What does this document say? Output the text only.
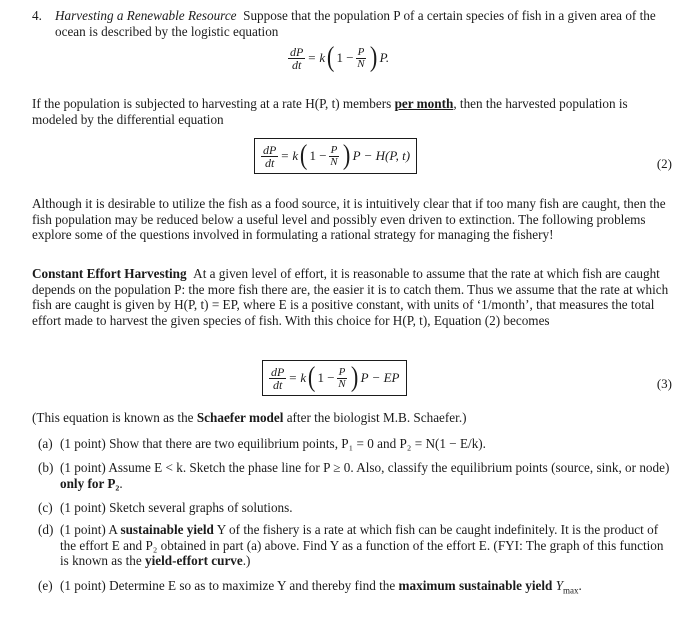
4. Harvesting a Renewable Resource Suppose that the population P of a certain species of fish in a given area of the ocean is described by the logistic equation

$\frac{dP}{dt} = k$ ( $1 - \frac{P}{N}$ ) P.

If the population is subjected to harvesting at a rate H(P, t) members per month, then the harvested population is modeled by the differential equation

$\frac{dP}{dt} = k$ ( $1 - \frac{P}{N}$ ) P − H(P, t)
(2)

Although it is desirable to utilize the fish as a food source, it is intuitively clear that if too many fish are caught, then the fish population may be reduced below a useful level and possibly even driven to extinction. The following problems explore some of the questions involved in formulating a rational strategy for managing the fishery!

Constant Effort Harvesting At a given level of effort, it is reasonable to assume that the rate at which fish are caught depends on the population P: the more fish there are, the easier it is to catch them. Thus we assume that the rate at which fish are caught is given by H(P, t) = EP, where E is a positive constant, with units of ‘1/month’, that measures the total effort made to harvest the given species of fish. With this choice for H(P, t), Equation (2) becomes

$\frac{dP}{dt} = k$ ( $1 - \frac{P}{N}$ ) P − EP	(3)

(This equation is known as the Schaefer model after the biologist M.B. Schaefer.)

(a) (1 point) Show that there are two equilibrium points, P₁ = 0 and P₂ = N(1 − E/k).

(b) (1 point) Assume E < k. Sketch the phase line for P ≥ 0. Also, classify the equilibrium points (source, sink, or node) only for P₂.

(c) (1 point) Sketch several graphs of solutions.

(d) (1 point) A sustainable yield Y of the fishery is a rate at which fish can be caught indefinitely. It is the product of the effort E and P₂ obtained in part (a) above. Find Y as a function of the effort E. (FYI: The graph of this function is known as the yield-effort curve.)

(e) (1 point) Determine E so as to maximize Y and thereby find the maximum sustainable yield $Y_{max}$.
